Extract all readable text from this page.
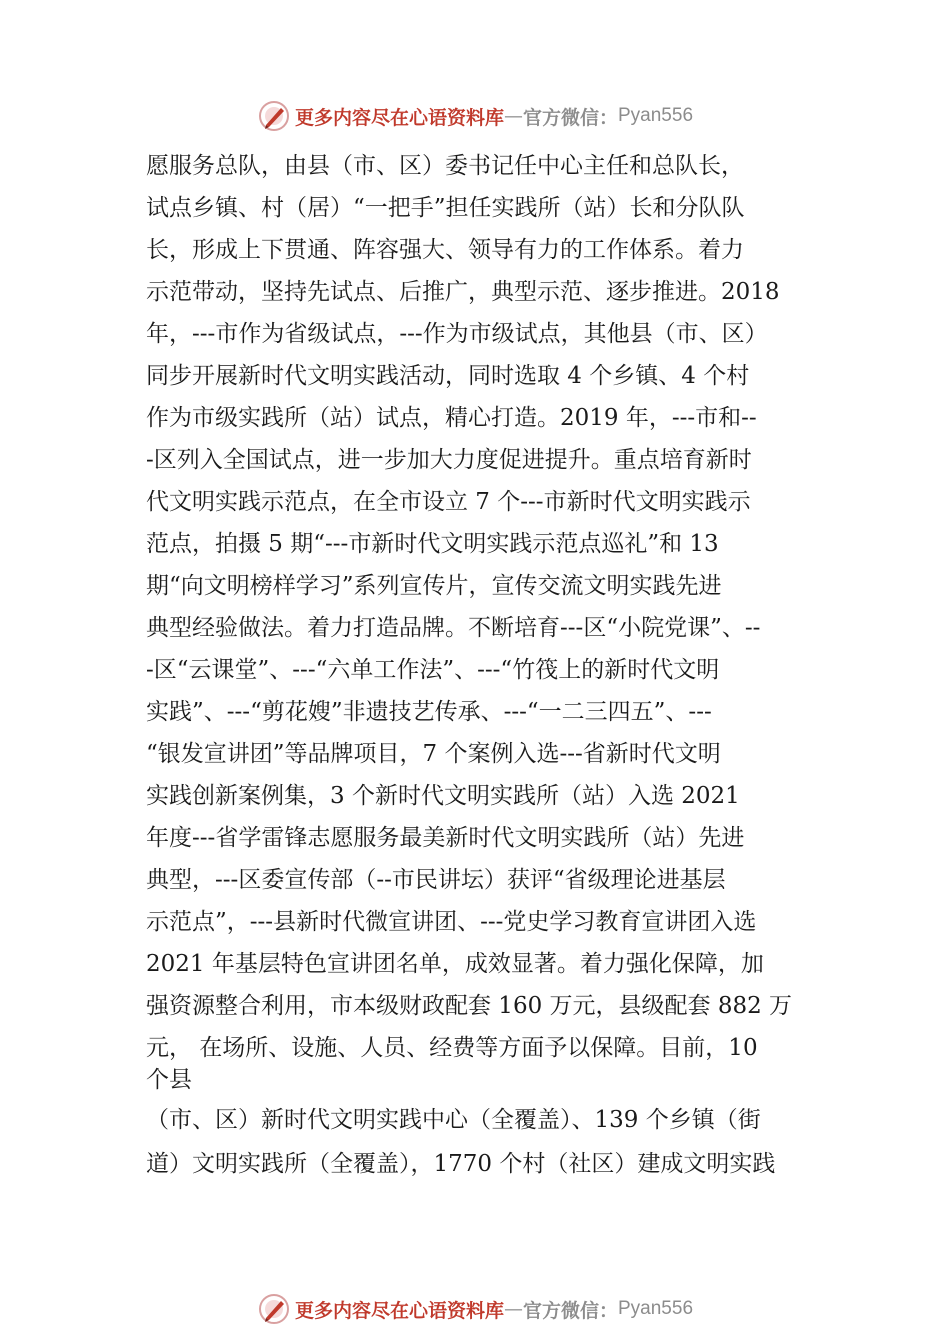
更多内容尽在心语资料库 — 官方微信： Pyan556
愿服务总队，由县（市、区）委书记任中心主任和总队长，
试点乡镇、村（居）“一把手”担任实践所（站）长和分队队
长，形成上下贯通、阵容强大、领导有力的工作体系。着力
示范带动，坚持先试点、后推广，典型示范、逐步推进。2018
年，---市作为省级试点，---作为市级试点，其他县（市、区）
同步开展新时代文明实践活动，同时选取 4 个乡镇、4 个村
作为市级实践所（站）试点，精心打造。2019 年，---市和--
-区列入全国试点，进一步加大力度促进提升。重点培育新时
代文明实践示范点，在全市设立 7 个---市新时代文明实践示
范点，拍摄 5 期“---市新时代文明实践示范点巡礼”和 13
期“向文明榜样学习”系列宣传片，宣传交流文明实践先进
典型经验做法。着力打造品牌。不断培育---区“小院党课”、--
-区“云课堂”、---“六单工作法”、---“竹筏上的新时代文明
实践”、---“剪花嫂”非遗技艺传承、---“一二三四五”、---
“银发宣讲团”等品牌项目，7 个案例入选---省新时代文明
实践创新案例集，3 个新时代文明实践所（站）入选 2021
年度---省学雷锋志愿服务最美新时代文明实践所（站）先进
典型，---区委宣传部（--市民讲坛）获评“省级理论进基层
示范点”，---县新时代微宣讲团、---党史学习教育宣讲团入选
2021 年基层特色宣讲团名单，成效显著。着力强化保障，加
强资源整合利用，市本级财政配套 160 万元，县级配套 882 万
元， 在场所、设施、人员、经费等方面予以保障。目前，10
个县
（市、区）新时代文明实践中心（全覆盖）、139 个乡镇（街
道）文明实践所（全覆盖），1770 个村（社区）建成文明实践
更多内容尽在心语资料库 — 官方微信： Pyan556
